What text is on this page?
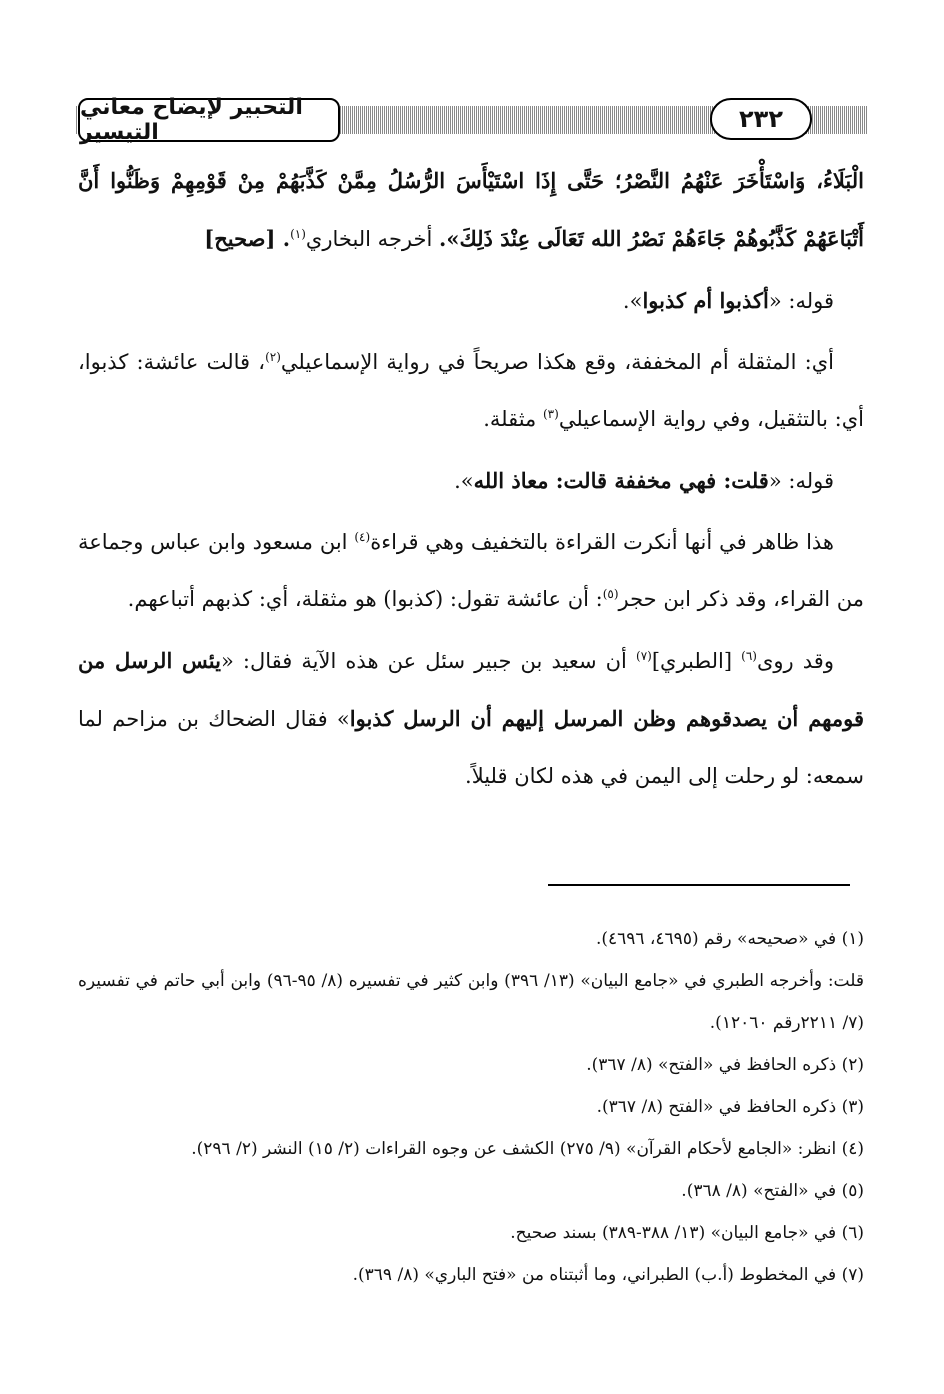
التحبير لإيضاح معاني التيسير	٢٣٢

الْبَلَاءُ، وَاسْتَأْخَرَ عَنْهُمُ النَّصْرُ؛ حَتَّى إِذَا اسْتَيْأَسَ الرُّسُلُ مِمَّنْ كَذَّبَهُمْ مِنْ قَوْمِهِمْ وَظَنُّوا أَنَّ أَتْبَاعَهُمْ كَذَّبُوهُمْ جَاءَهُمْ نَصْرُ الله تَعَالَى عِنْدَ ذَلِكَ». أخرجه البخاري$^{(١)}$. [صحيح]

قوله: «أكذبوا أم كذبوا».

أي: المثقلة أم المخففة، وقع هكذا صريحاً في رواية الإسماعيلي$^{(٢)}$، قالت عائشة: كذبوا، أي: بالتثقيل، وفي رواية الإسماعيلي$^{(٣)}$ مثقلة.

قوله: «قلت: فهي مخففة قالت: معاذ الله».

هذا ظاهر في أنها أنكرت القراءة بالتخفيف وهي قراءة$^{(٤)}$ ابن مسعود وابن عباس وجماعة من القراء، وقد ذكر ابن حجر$^{(٥)}$: أن عائشة تقول: (كذبوا) هو مثقلة، أي: كذبهم أتباعهم.

وقد روى$^{(٦)}$ [الطبري]$^{(٧)}$ أن سعيد بن جبير سئل عن هذه الآية فقال: «يئس الرسل من قومهم أن يصدقوهم وظن المرسل إليهم أن الرسل كذبوا» فقال الضحاك بن مزاحم لما سمعه: لو رحلت إلى اليمن في هذه لكان قليلاً.

(١) في «صحيحه» رقم (٤٦٩٥، ٤٦٩٦).
قلت: وأخرجه الطبري في «جامع البيان» (١٣/ ٣٩٦) وابن كثير في تفسيره (٨/ ٩٥-٩٦) وابن أبي حاتم في تفسيره (٧/ ٢٢١١رقم ١٢٠٦٠).
(٢) ذكره الحافظ في «الفتح» (٨/ ٣٦٧).
(٣) ذكره الحافظ في «الفتح (٨/ ٣٦٧).
(٤) انظر: «الجامع لأحكام القرآن» (٩/ ٢٧٥) الكشف عن وجوه القراءات (٢/ ١٥) النشر (٢/ ٢٩٦).
(٥) في «الفتح» (٨/ ٣٦٨).
(٦) في «جامع البيان» (١٣/ ٣٨٨-٣٨٩) بسند صحيح.
(٧) في المخطوط (أ.ب) الطبراني، وما أثبتناه من «فتح الباري» (٨/ ٣٦٩).
